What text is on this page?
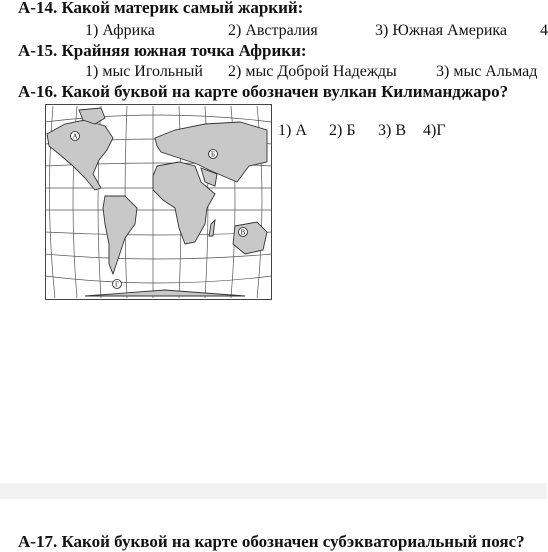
А-14. Какой материк самый жаркий:
1) Африка	2) Австралия	3) Южная Америка 4
А-15. Крайняя южная точка Африки:
1) мыс Игольный 2) мыс Доброй Надежды 3) мыс Альмад
А-16. Какой буквой на карте обозначен вулкан Килиманджаро?
А
Б
В
Г
1) А 2) Б 3) В 4)Г
А-17. Какой буквой на карте обозначен субэкваториальный пояс?
